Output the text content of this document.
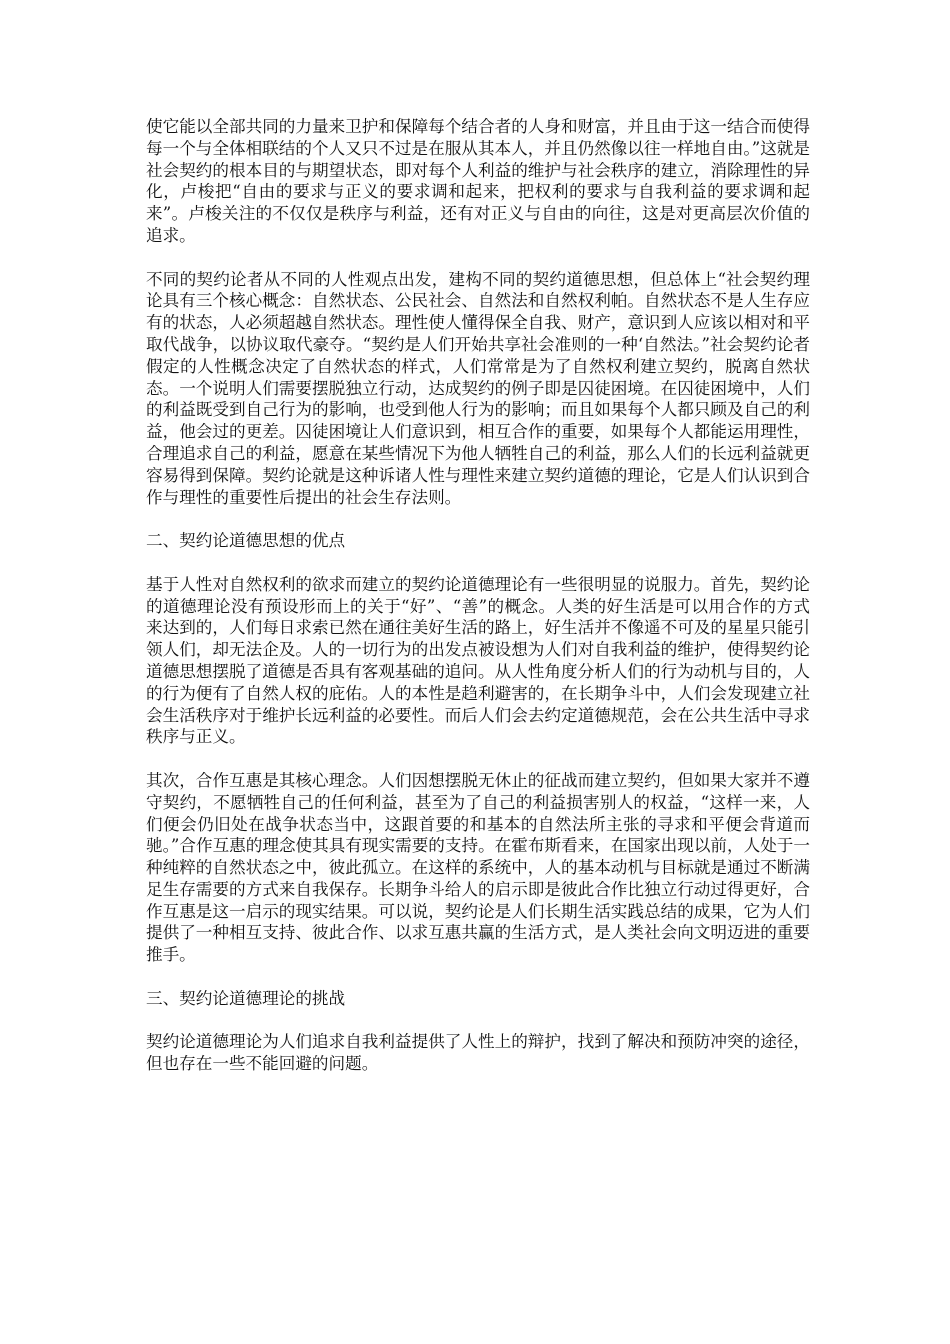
使它能以全部共同的力量来卫护和保障每个结合者的人身和财富，并且由于这一结合而使得每一个与全体相联结的个人又只不过是在服从其本人，并且仍然像以往一样地自由。”这就是社会契约的根本目的与期望状态，即对每个人利益的维护与社会秩序的建立，消除理性的异化，卢梭把“自由的要求与正义的要求调和起来，把权利的要求与自我利益的要求调和起来”。卢梭关注的不仅仅是秩序与利益，还有对正义与自由的向往，这是对更高层次价值的追求。

不同的契约论者从不同的人性观点出发，建构不同的契约道德思想，但总体上“社会契约理论具有三个核心概念：自然状态、公民社会、自然法和自然权利帕。自然状态不是人生存应有的状态，人必须超越自然状态。理性使人懂得保全自我、财产，意识到人应该以相对和平取代战争，以协议取代豪夺。“契约是人们开始共享社会准则的一种‘自然法。”社会契约论者假定的人性概念决定了自然状态的样式，人们常常是为了自然权利建立契约，脱离自然状态。一个说明人们需要摆脱独立行动，达成契约的例子即是囚徒困境。在囚徒困境中，人们的利益既受到自己行为的影响，也受到他人行为的影响；而且如果每个人都只顾及自己的利益，他会过的更差。囚徒困境让人们意识到，相互合作的重要，如果每个人都能运用理性，合理追求自己的利益，愿意在某些情况下为他人牺牲自己的利益，那么人们的长远利益就更容易得到保障。契约论就是这种诉诸人性与理性来建立契约道德的理论，它是人们认识到合作与理性的重要性后提出的社会生存法则。

二、契约论道德思想的优点

基于人性对自然权利的欲求而建立的契约论道德理论有一些很明显的说服力。首先，契约论的道德理论没有预设形而上的关于“好”、“善”的概念。人类的好生活是可以用合作的方式来达到的，人们每日求索已然在通往美好生活的路上，好生活并不像遥不可及的星星只能引领人们，却无法企及。人的一切行为的出发点被设想为人们对自我利益的维护，使得契约论道德思想摆脱了道德是否具有客观基础的追问。从人性角度分析人们的行为动机与目的，人的行为便有了自然人权的庇佑。人的本性是趋利避害的，在长期争斗中，人们会发现建立社会生活秩序对于维护长远利益的必要性。而后人们会去约定道德规范，会在公共生活中寻求秩序与正义。

其次，合作互惠是其核心理念。人们因想摆脱无休止的征战而建立契约，但如果大家并不遵守契约，不愿牺牲自己的任何利益，甚至为了自己的利益损害别人的权益，“这样一来，人们便会仍旧处在战争状态当中，这跟首要的和基本的自然法所主张的寻求和平便会背道而驰。”合作互惠的理念使其具有现实需要的支持。在霍布斯看来，在国家出现以前，人处于一种纯粹的自然状态之中，彼此孤立。在这样的系统中，人的基本动机与目标就是通过不断满足生存需要的方式来自我保存。长期争斗给人的启示即是彼此合作比独立行动过得更好，合作互惠是这一启示的现实结果。可以说，契约论是人们长期生活实践总结的成果，它为人们提供了一种相互支持、彼此合作、以求互惠共赢的生活方式，是人类社会向文明迈进的重要推手。

三、契约论道德理论的挑战

契约论道德理论为人们追求自我利益提供了人性上的辩护，找到了解决和预防冲突的途径，但也存在一些不能回避的问题。
